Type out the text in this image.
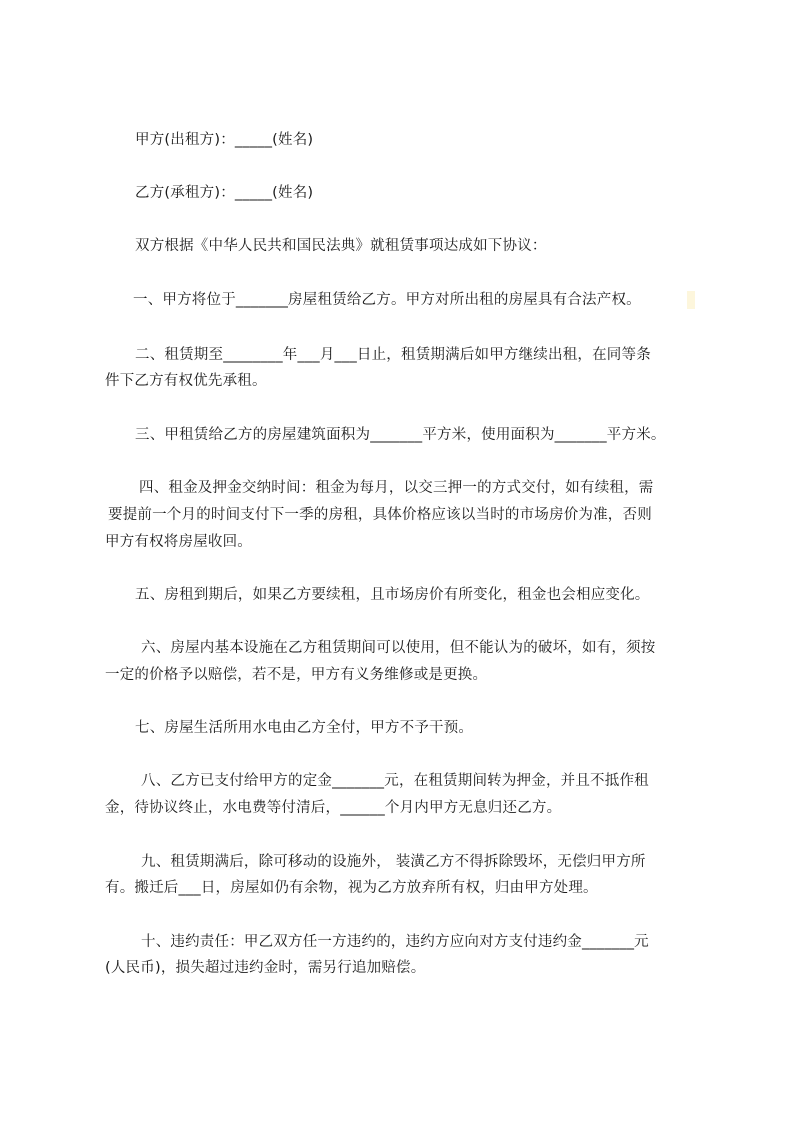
甲方(出租方)：_____(姓名)
乙方(承租方)：_____(姓名)
双方根据《中华人民共和国民法典》就租赁事项达成如下协议：
一、甲方将位于_______房屋租赁给乙方。甲方对所出租的房屋具有合法产权。
二、租赁期至________年___月___日止，租赁期满后如甲方继续出租，在同等条
件下乙方有权优先承租。
三、甲租赁给乙方的房屋建筑面积为_______平方米，使用面积为_______平方米。
四、租金及押金交纳时间：租金为每月，以交三押一的方式交付，如有续租，需
要提前一个月的时间支付下一季的房租，具体价格应该以当时的市场房价为准，否则
甲方有权将房屋收回。
五、房租到期后，如果乙方要续租，且市场房价有所变化，租金也会相应变化。
六、房屋内基本设施在乙方租赁期间可以使用，但不能认为的破坏，如有，须按
一定的价格予以赔偿，若不是，甲方有义务维修或是更换。
七、房屋生活所用水电由乙方全付，甲方不予干预。
八、乙方已支付给甲方的定金_______元，在租赁期间转为押金，并且不抵作租
金，待协议终止，水电费等付清后，______个月内甲方无息归还乙方。
九、租赁期满后，除可移动的设施外， 装潢乙方不得拆除毁坏，无偿归甲方所
有。搬迁后___日，房屋如仍有余物，视为乙方放弃所有权，归由甲方处理。
十、违约责任：甲乙双方任一方违约的，违约方应向对方支付违约金_______元
(人民币)，损失超过违约金时，需另行追加赔偿。
